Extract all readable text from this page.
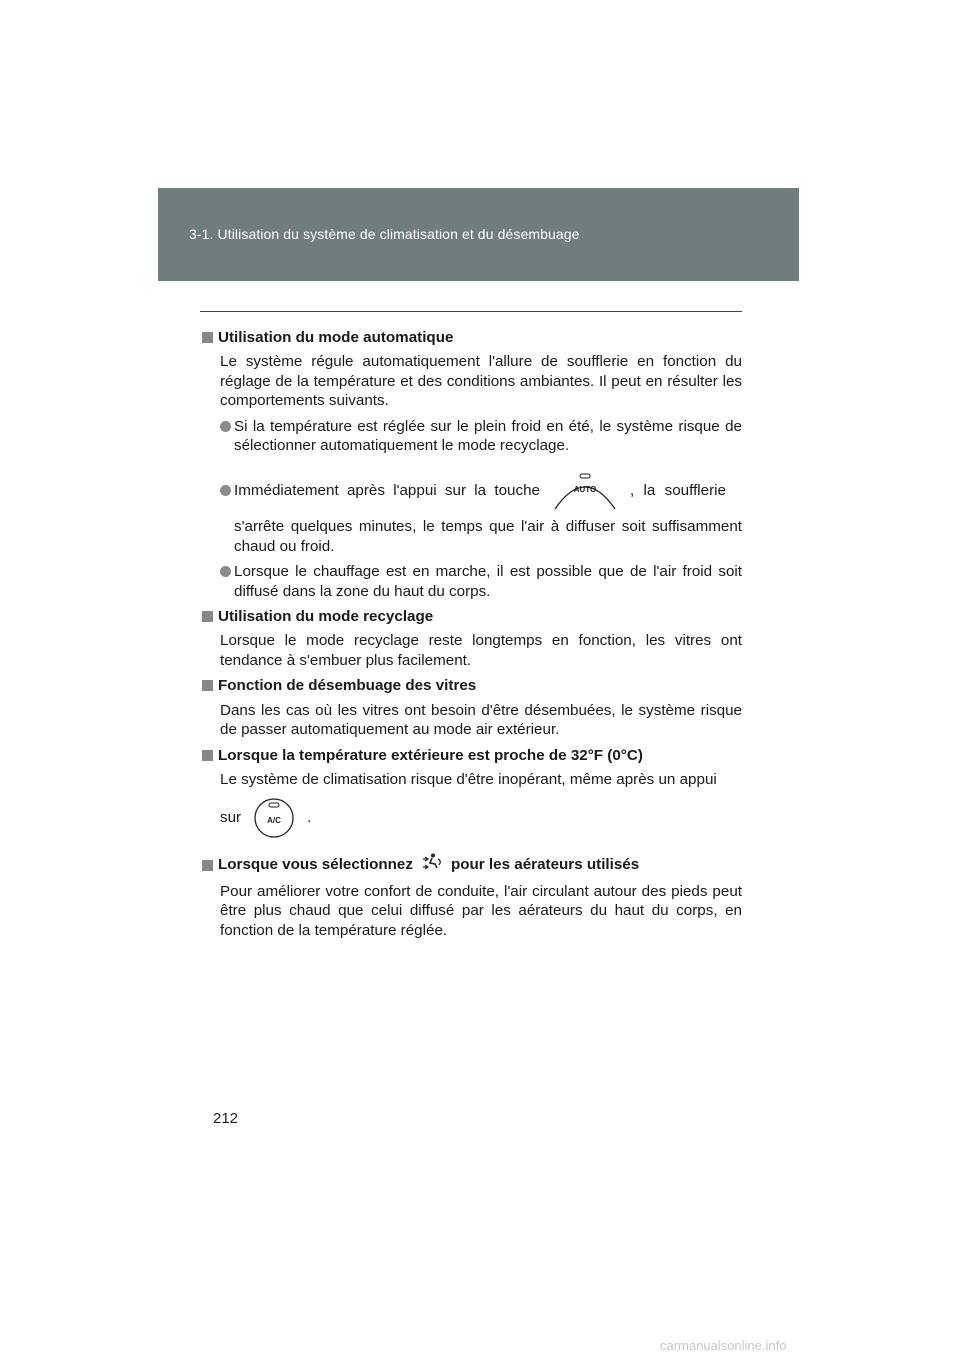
3-1. Utilisation du système de climatisation et du désembuage
Utilisation du mode automatique

Le système régule automatiquement l'allure de soufflerie en fonction du réglage de la température et des conditions ambiantes. Il peut en résulter les comportements suivants.

Si la température est réglée sur le plein froid en été, le système risque de sélectionner automatiquement le mode recyclage.
Immédiatement après l'appui sur la touche	AUTO , la soufflerie
s'arrête quelques minutes, le temps que l'air à diffuser soit suffisamment chaud ou froid.
Lorsque le chauffage est en marche, il est possible que de l'air froid soit diffusé dans la zone du haut du corps.
Utilisation du mode recyclage

Lorsque le mode recyclage reste longtemps en fonction, les vitres ont tendance à s'embuer plus facilement.

Fonction de désembuage des vitres

Dans les cas où les vitres ont besoin d'être désembuées, le système risque de passer automatiquement au mode air extérieur.

Lorsque la température extérieure est proche de 32°F (0°C)

Le système de climatisation risque d'être inopérant, même après un appui

sur	A/C .

Lorsque vous sélectionnez	pour les aérateurs utilisés

Pour améliorer votre confort de conduite, l'air circulant autour des pieds peut être plus chaud que celui diffusé par les aérateurs du haut du corps, en fonction de la température réglée.

212
carmanualsonline.info
